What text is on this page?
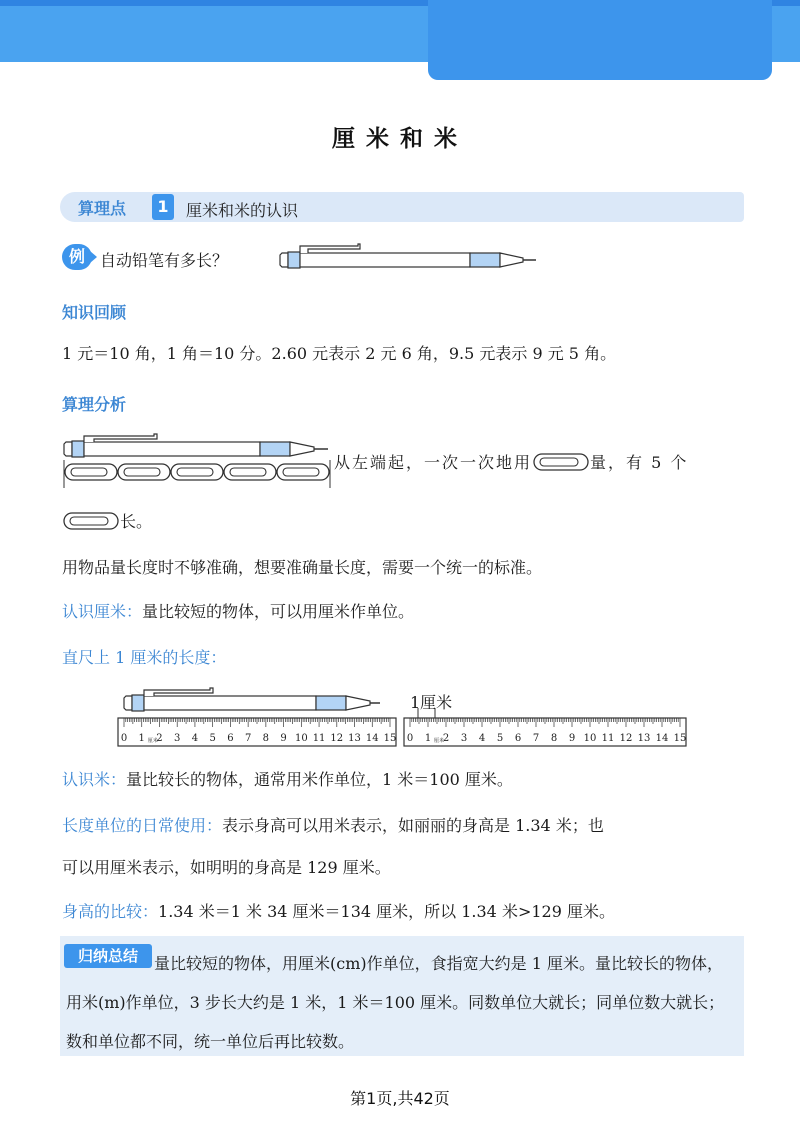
厘米和米
算理点	1	厘米和米的认识
例 自动铅笔有多长？
知识回顾
1 元＝10 角，1 角＝10 分。2.60 元表示 2 元 6 角，9.5 元表示 9 元 5 角。
算理分析
从左端起，一次一次地用	量，有 5 个
长。
用物品量长度时不够准确，想要准确量长度，需要一个统一的标准。
认识厘米：量比较短的物体，可以用厘米作单位。
直尺上 1 厘米的长度：
0 1 厘米
2 3 4 5 6 7 8 9 10 11 12 13 14 15
1厘米
0 1 厘米
2 3 4 5 6 7 8 9 10 11 12 13 14 15
认识米：量比较长的物体，通常用米作单位，1 米＝100 厘米。
长度单位的日常使用：表示身高可以用米表示，如丽丽的身高是 1.34 米；也
可以用厘米表示，如明明的身高是 129 厘米。
身高的比较：1.34 米＝1 米 34 厘米＝134 厘米，所以 1.34 米>129 厘米。
量比较短的物体，用厘米(cm)作单位，食指宽大约是 1 厘米。量比较长的物体，用米(m)作单位，3 步长大约是 1 米，1 米＝100 厘米。同数单位大就长；同单位数大就长；数和单位都不同，统一单位后再比较数。
归纳总结
第1页,共42页
